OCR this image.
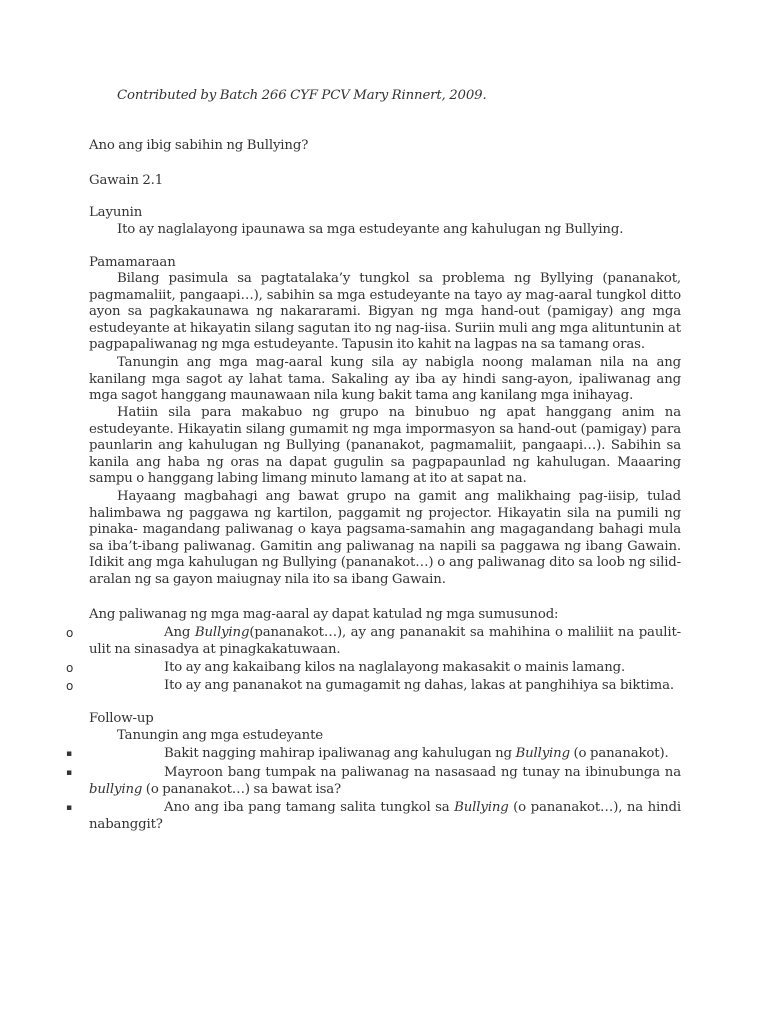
Contributed by Batch 266 CYF PCV Mary Rinnert, 2009.
Ano ang ibig sabihin ng Bullying?
Gawain 2.1
Layunin
Ito ay naglalayong ipaunawa sa mga estudeyante ang kahulugan ng Bullying.
Pamamaraan
Bilang pasimula sa pagtatalaka’y tungkol sa problema ng Byllying (pananakot, pagmamaliit, pangaapi…), sabihin sa mga estudeyante na tayo ay mag-aaral tungkol ditto ayon sa pagkakaunawa ng nakararami. Bigyan ng mga hand-out (pamigay) ang mga estudeyante at hikayatin silang sagutan ito ng nag-iisa. Suriin muli ang mga alituntunin at pagpapaliwanag ng mga estudeyante. Tapusin ito kahit na lagpas na sa tamang oras.
Tanungin ang mga mag-aaral kung sila ay nabigla noong malaman nila na ang kanilang mga sagot ay lahat tama. Sakaling ay iba ay hindi sang-ayon, ipaliwanag ang mga sagot hanggang maunawaan nila kung bakit tama ang kanilang mga inihayag.
Hatiin sila para makabuo ng grupo na binubuo ng apat hanggang anim na estudeyante. Hikayatin silang gumamit ng mga impormasyon sa hand-out (pamigay) para paunlarin ang kahulugan ng Bullying (pananakot, pagmamaliit, pangaapi…). Sabihin sa kanila ang haba ng oras na dapat gugulin sa pagpapaunlad ng kahulugan. Maaaring sampu o hanggang labing limang minuto lamang at ito at sapat na.
Hayaang magbahagi ang bawat grupo na gamit ang malikhaing pag-iisip, tulad halimbawa ng paggawa ng kartilon, paggamit ng projector. Hikayatin sila na pumili ng pinaka- magandang paliwanag o kaya pagsama-samahin ang magagandang bahagi mula sa iba’t-ibang paliwanag. Gamitin ang paliwanag na napili sa paggawa ng ibang Gawain. Idikit ang mga kahulugan ng Bullying (pananakot…) o ang paliwanag dito sa loob ng silid-aralan ng sa gayon maiugnay nila ito sa ibang Gawain.
Ang paliwanag ng mga mag-aaral ay dapat katulad ng mga sumusunod:
o	Ang Bullying(pananakot…), ay ang pananakit sa mahihina o maliliit na paulit-ulit na sinasadya at pinagkakatuwaan.
o	Ito ay ang kakaibang kilos na naglalayong makasakit o mainis lamang.
o	Ito ay ang pananakot na gumagamit ng dahas, lakas at panghihiya sa biktima.
Follow-up
Tanungin ang mga estudeyante
▪	Bakit nagging mahirap ipaliwanag ang kahulugan ng Bullying (o pananakot).
▪	Mayroon bang tumpak na paliwanag na nasasaad ng tunay na ibinubunga na bullying (o pananakot…) sa bawat isa?
▪	Ano ang iba pang tamang salita tungkol sa Bullying (o pananakot…), na hindi nabanggit?
